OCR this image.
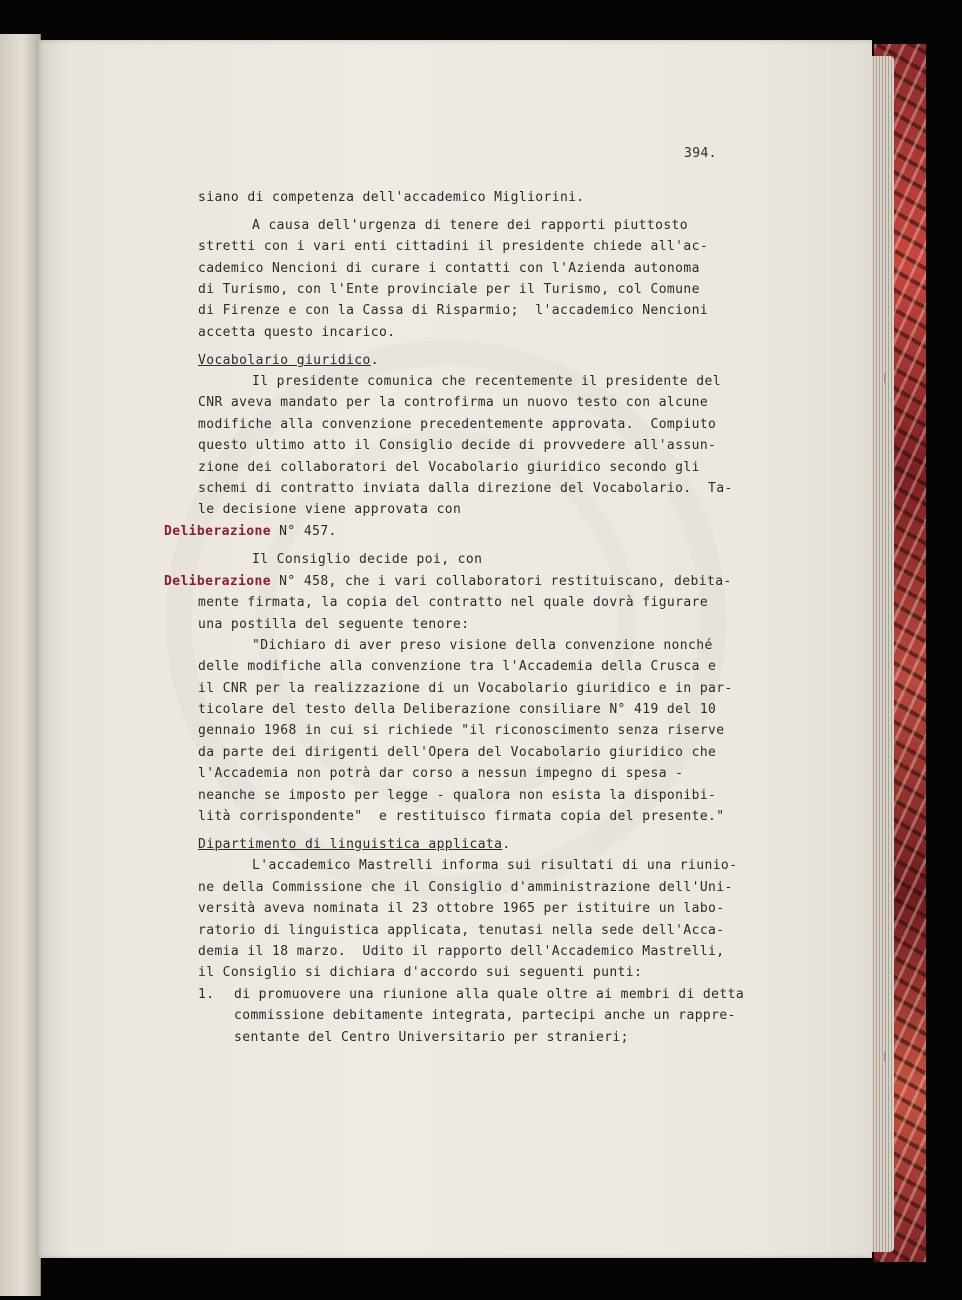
394.
siano di competenza dell'accademico Migliorini.
A causa dell'urgenza di tenere dei rapporti piuttosto
stretti con i vari enti cittadini il presidente chiede all'ac-
cademico Nencioni di curare i contatti con l'Azienda autonoma
di Turismo, con l'Ente provinciale per il Turismo, col Comune
di Firenze e con la Cassa di Risparmio;  l'accademico Nencioni
accetta questo incarico.
Vocabolario giuridico.
Il presidente comunica che recentemente il presidente del
CNR aveva mandato per la controfirma un nuovo testo con alcune
modifiche alla convenzione precedentemente approvata.  Compiuto
questo ultimo atto il Consiglio decide di provvedere all'assun-
zione dei collaboratori del Vocabolario giuridico secondo gli
schemi di contratto inviata dalla direzione del Vocabolario.  Ta-
le decisione viene approvata con
Deliberazione N° 457.
Il Consiglio decide poi, con
Deliberazione N° 458, che i vari collaboratori restituiscano, debita-
mente firmata, la copia del contratto nel quale dovrà figurare
una postilla del seguente tenore:
"Dichiaro di aver preso visione della convenzione nonché
delle modifiche alla convenzione tra l'Accademia della Crusca e
il CNR per la realizzazione di un Vocabolario giuridico e in par-
ticolare del testo della Deliberazione consiliare N° 419 del 10
gennaio 1968 in cui si richiede "il riconoscimento senza riserve
da parte dei dirigenti dell'Opera del Vocabolario giuridico che
l'Accademia non potrà dar corso a nessun impegno di spesa -
neanche se imposto per legge - qualora non esista la disponibi-
lità corrispondente"  e restituisco firmata copia del presente."
Dipartimento di linguistica applicata.
L'accademico Mastrelli informa sui risultati di una riunio-
ne della Commissione che il Consiglio d'amministrazione dell'Uni-
versità aveva nominata il 23 ottobre 1965 per istituire un labo-
ratorio di linguistica applicata, tenutasi nella sede dell'Acca-
demia il 18 marzo.  Udito il rapporto dell'Accademico Mastrelli,
il Consiglio si dichiara d'accordo sui seguenti punti:
1. di promuovere una riunione alla quale oltre ai membri di detta
commissione debitamente integrata, partecipi anche un rappre-
sentante del Centro Universitario per stranieri;
